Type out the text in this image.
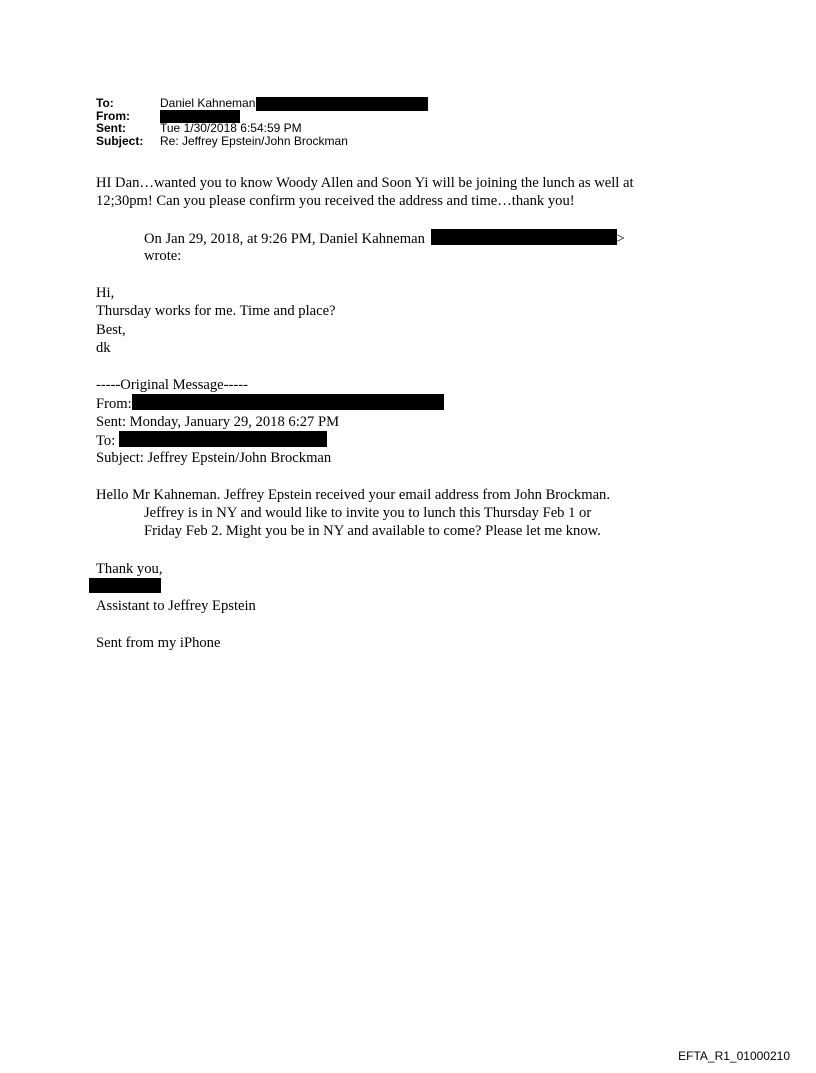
To:	Daniel Kahneman
From:
Sent:	Tue 1/30/2018 6:54:59 PM
Subject: Re: Jeffrey Epstein/John Brockman
HI Dan…wanted you to know Woody Allen and Soon Yi will be joining the lunch as well at
12;30pm! Can you please confirm you received the address and time…thank you!
On Jan 29, 2018, at 9:26 PM, Daniel Kahneman	>
wrote:
Hi,
Thursday works for me. Time and place?
Best,
dk
-----Original Message-----
From:
Sent: Monday, January 29, 2018 6:27 PM
To:
Subject: Jeffrey Epstein/John Brockman
Hello Mr Kahneman. Jeffrey Epstein received your email address from John Brockman.
Jeffrey is in NY and would like to invite you to lunch this Thursday Feb 1 or
Friday Feb 2. Might you be in NY and available to come? Please let me know.
Thank you,
Assistant to Jeffrey Epstein
Sent from my iPhone
EFTA_R1_01000210
